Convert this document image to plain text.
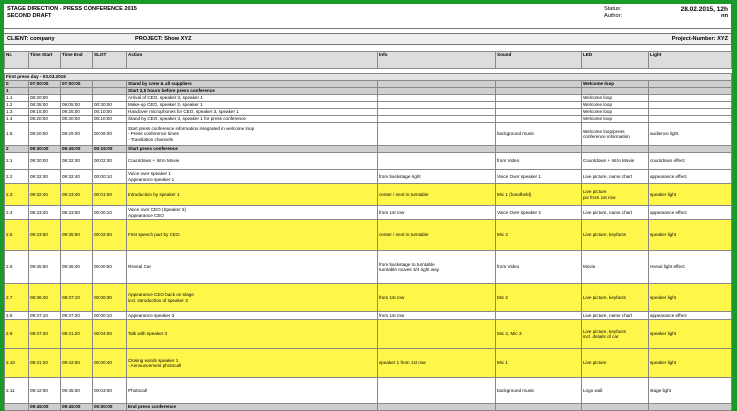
STAGE DIRECTION - PRESS CONFERENCE 2015
SECOND DRAFT
Status:	28.02.2015, 12h
Author:	nn
CLIENT: company	PROJECT: Show XYZ	Project-Number: XYZ
Nr.	Time Start	Time End	SLOT	Action	Info	Sound	LED	Light

First press day - 03.03.2015								
0	07:00:00	07:00:00		Stand by crew & all suppliers			Welcome loop	
1				Start 2,5 hours before press conference				
1.1	08:20:00			Arrival of CEO, speaker 3, speaker 1			Welcome loop	
1.2	08:35:00	09:05:00	00:30:00	Make-up CEO, speaker 3, speaker 1			Welcome loop	
1.3	09:15:00	09:25:00	00:10:00	Handover microphones for CEO, speaker 3, speaker 1			Welcome loop	
1.4	09:20:00	09:30:00	00:10:00	Stand by CEO, speaker 3, speaker 1 for press conference			Welcome loop	
1.5	09:20:00	09:29:30	00:09:30	Start press conference information integrated in welcome loop
- Press conference times
- Translation channels		background music	Welcome loop/press
conference information	audience light
2	09:30:00	09:45:00	00:15:00	Start press conference				
2.1	09:30:00	09:32:30	00:02:30	Countdown + Intro Movie		from Video	Countdown + Intro Movie	countdown effect
2.2	09:32:30	09:32:40	00:00:10	Voice over speaker 1
Appearance speaker 1	from backstage right	Voice Over speaker 1	Live picture, name chart	appearance effect
2.3	09:32:40	09:33:40	00:01:00	Introduction by speaker 1	center / next to turntable	Mic 1 (handheld)	Live picture
pic from 1st row	speaker light
2.4	09:33:40	09:33:50	00:00:10	Voice over CEO (Speaker 2)
Appearance CEO	from 1st row	Voice Over speaker 2	Live picture, name chart	appearance effect
2.5	09:33:50	09:35:50	00:02:00	First speech part by CEO	center / next to turntable	Mic 2	Live picture, keyfacts	speaker light
2.6	09:35:50	09:36:40	00:00:50	Reveal Car	from backstage to turntable
turntable moves 3/4 right way	from Video	Movie	reveal light effect
2.7	09:36:40	09:37:10	00:00:30	Appearance CEO back on stage
incl. introduction of speaker 3	from 1st row	Mic 2	Live picture, keyfacts	speaker light
2.8	09:37:10	09:37:20	00:00:10	Appearance speaker 3	from 1st row		Live picture, name chart	appearance effect
2.9	09:37:20	09:41:20	00:04:00	Talk with speaker 3		Mic 2, Mic 3	Live picture, keyfacts
incl. details of car	speaker light
2.10	09:41:20	09:42:00	00:00:40	Closing words speaker 1
- Announcement photocall	speaker 1 from 1st row	Mic 1	Live picture	speaker light
2.11	09:42:00	09:45:00	00:03:00	Photocall		background music	Logo wall	stage light
	09:45:00	09:45:00	00:00:00	End press conference				
